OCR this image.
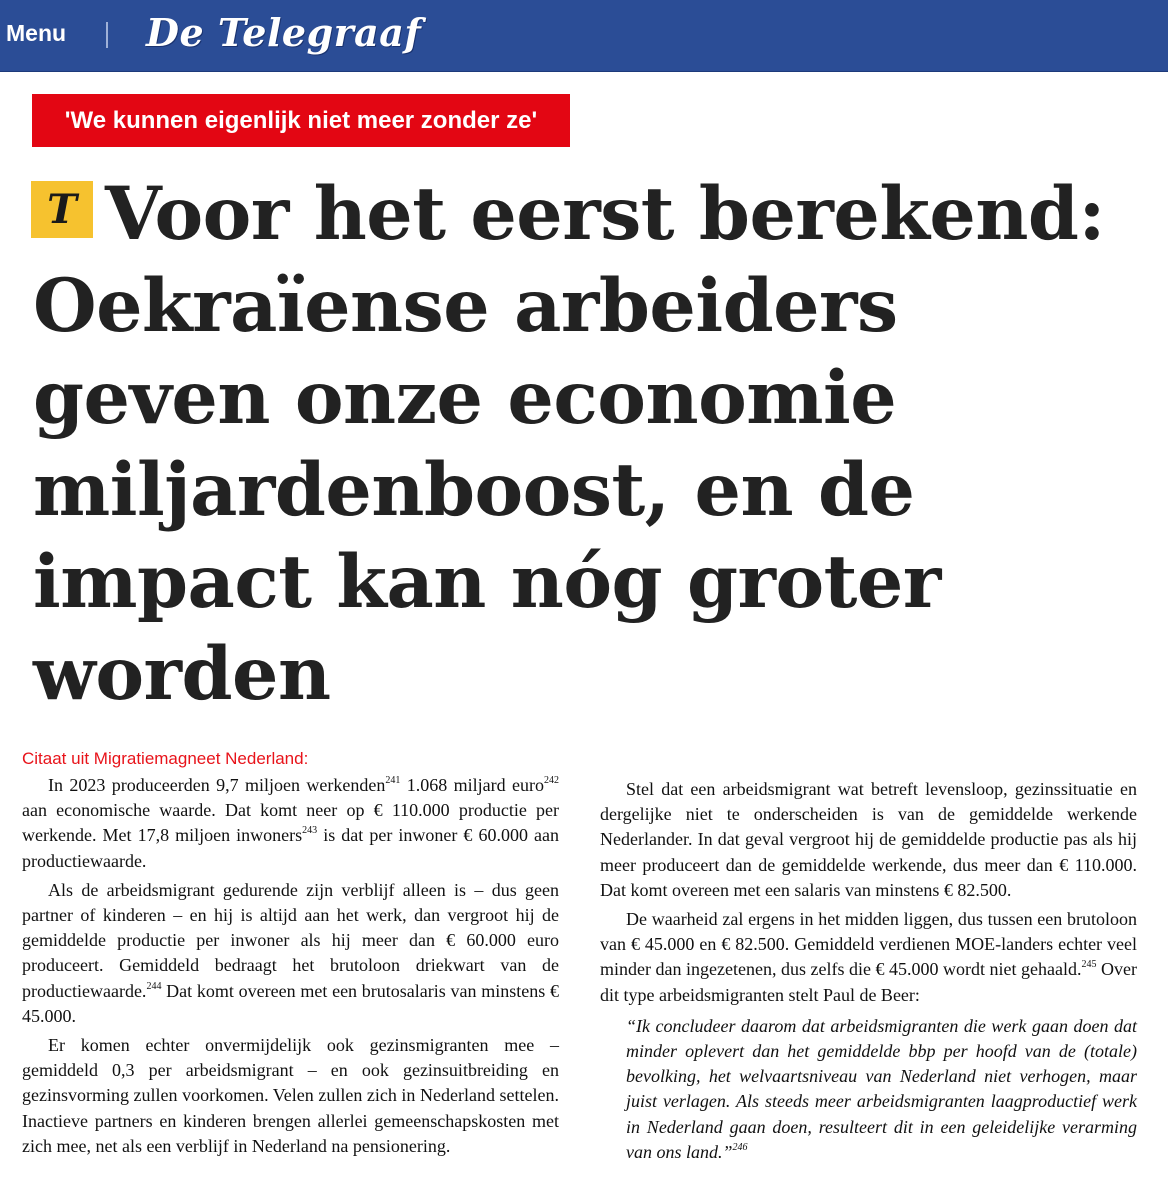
Menu De Telegraaf
'We kunnen eigenlijk niet meer zonder ze'
T Voor het eerst berekend: Oekraïense arbeiders geven onze economie miljardenboost, en de impact kan nóg groter worden
Citaat uit Migratiemagneet Nederland:

In 2023 produceerden 9,7 miljoen werkenden$^{241}$ 1.068 miljard euro$^{242}$ aan economische waarde. Dat komt neer op € 110.000 productie per werkende. Met 17,8 miljoen inwoners$^{243}$ is dat per inwoner € 60.000 aan productiewaarde.

Als de arbeidsmigrant gedurende zijn verblijf alleen is – dus geen partner of kinderen – en hij is altijd aan het werk, dan vergroot hij de gemiddelde productie per inwoner als hij meer dan € 60.000 euro produceert. Gemiddeld bedraagt het brutoloon driekwart van de productiewaarde.$^{244}$ Dat komt overeen met een brutosalaris van minstens € 45.000.

Er komen echter onvermijdelijk ook gezinsmigranten mee – gemiddeld 0,3 per arbeidsmigrant – en ook gezinsuitbreiding en gezinsvorming zullen voorkomen. Velen zullen zich in Nederland settelen. Inactieve partners en kinderen brengen allerlei gemeenschapskosten met zich mee, net als een verblijf in Nederland na pensionering.

Stel dat een arbeidsmigrant wat betreft levensloop, gezinssituatie en dergelijke niet te onderscheiden is van de gemiddelde werkende Nederlander. In dat geval vergroot hij de gemiddelde productie pas als hij meer produceert dan de gemiddelde werkende, dus meer dan € 110.000. Dat komt overeen met een salaris van minstens € 82.500.

De waarheid zal ergens in het midden liggen, dus tussen een brutoloon van € 45.000 en € 82.500. Gemiddeld verdienen MOE-landers echter veel minder dan ingezetenen, dus zelfs die € 45.000 wordt niet gehaald.$^{245}$ Over dit type arbeidsmigranten stelt Paul de Beer:

“Ik concludeer daarom dat arbeidsmigranten die werk gaan doen dat minder oplevert dan het gemiddelde bbp per hoofd van de (totale) bevolking, het welvaartsniveau van Nederland niet verhogen, maar juist verlagen. Als steeds meer arbeidsmigranten laagproductief werk in Nederland gaan doen, resulteert dit in een geleidelijke verarming van ons land.”$^{246}$
